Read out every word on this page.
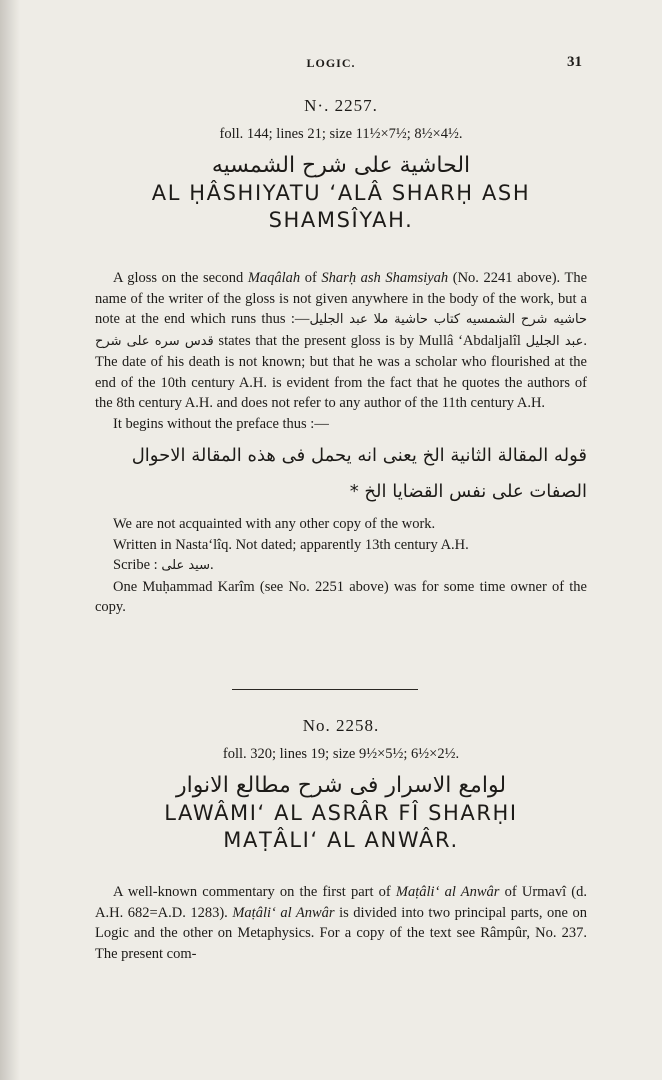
LOGIC.	31
N·. 2257.
foll. 144; lines 21; size 11½×7½; 8½×4½.
الحاشية على شرح الشمسيه
AL ḤÂSHIYATU ‘ALÂ SHARḤ ASH
SHAMSÎYAH.

A gloss on the second Maqâlah of Sharḥ ash Shamsiyah (No. 2241 above). The name of the writer of the gloss is not given anywhere in the body of the work, but a note at the end which runs thus :—حاشيه شرح الشمسيه كتاب حاشية ملا عبد الجليل قدس سره على شرح states that the present gloss is by Mullâ ‘Abdaljalîl عبد الجليل. The date of his death is not known; but that he was a scholar who flourished at the end of the 10th century A.H. is evident from the fact that he quotes the authors of the 8th century A.H. and does not refer to any author of the 11th century A.H.

It begins without the preface thus :—

قوله المقالة الثانية الخ يعنی انه يحمل فى هذه المقالة الاحوال

الصفات على نفس القضايا الخ *

We are not acquainted with any other copy of the work.

Written in Nasta‘lîq. Not dated; apparently 13th century A.H.

Scribe : سيد على.

One Muḥammad Karîm (see No. 2251 above) was for some time owner of the copy.

No. 2258.
foll. 320; lines 19; size 9½×5½; 6½×2½.
لوامع الاسرار فی شرح مطالع الانوار
LAWÂMI‘ AL ASRÂR FÎ SHARḤI
MAṬÂLI‘ AL ANWÂR.

A well-known commentary on the first part of Maṭâli‘ al Anwâr of Urmavî (d. A.H. 682=A.D. 1283). Maṭâli‘ al Anwâr is divided into two principal parts, one on Logic and the other on Metaphysics. For a copy of the text see Râmpûr, No. 237. The present com-
